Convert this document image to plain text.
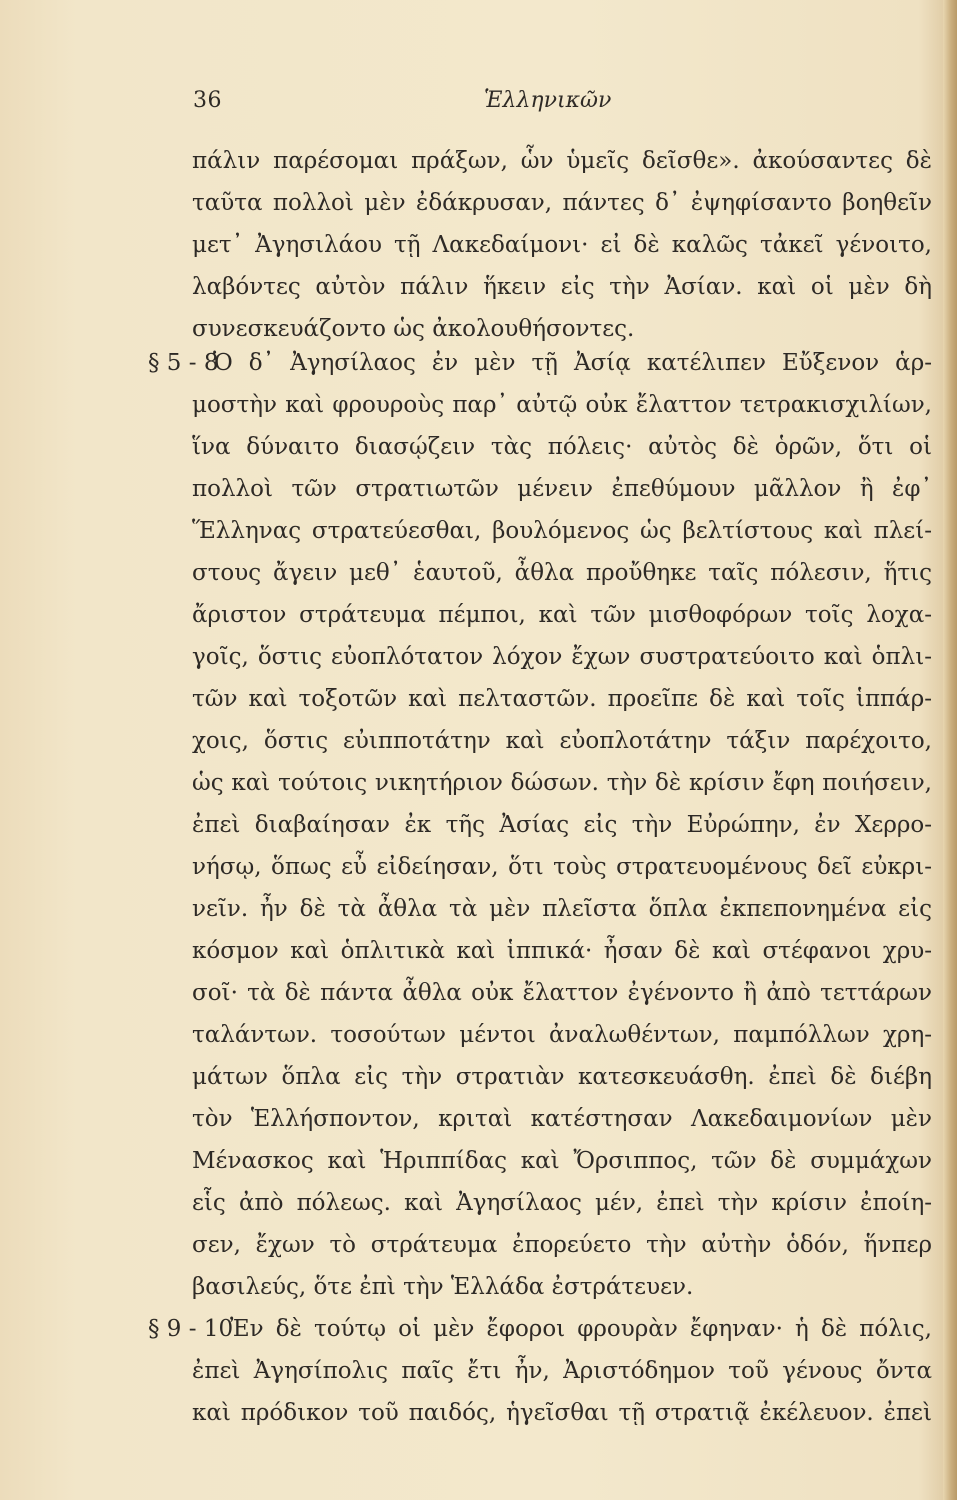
36	Ἑλληνικῶν
§ 5 - 8
§ 9 - 10
πάλιν παρέσομαι πράξων, ὧν ὑμεῖς δεῖσθε». ἀκούσαντες δὲ
ταῦτα πολλοὶ μὲν ἐδάκρυσαν, πάντες δ᾽ ἐψηφίσαντο βοηθεῖν
μετ᾽ Ἀγησιλάου τῇ Λακεδαίμονι· εἰ δὲ καλῶς τἀκεῖ γένοιτο,
λαβόντες αὐτὸν πάλιν ἥκειν εἰς τὴν Ἀσίαν. καὶ οἱ μὲν δὴ
συνεσκευάζοντο ὡς ἀκολουθήσοντες.
Ὁ δ᾽ Ἀγησίλαος ἐν μὲν τῇ Ἀσίᾳ κατέλιπεν Εὔξενον ἁρ-
μοστὴν καὶ φρουροὺς παρ᾽ αὐτῷ οὐκ ἔλαττον τετρακισχιλίων,
ἵνα δύναιτο διασῴζειν τὰς πόλεις· αὐτὸς δὲ ὁρῶν, ὅτι οἱ
πολλοὶ τῶν στρατιωτῶν μένειν ἐπεθύμουν μᾶλλον ἢ ἐφ᾽
Ἕλληνας στρατεύεσθαι, βουλόμενος ὡς βελτίστους καὶ πλεί-
στους ἄγειν μεθ᾽ ἑαυτοῦ, ἆθλα προὔθηκε ταῖς πόλεσιν, ἥτις
ἄριστον στράτευμα πέμποι, καὶ τῶν μισθοφόρων τοῖς λοχα-
γοῖς, ὅστις εὐοπλότατον λόχον ἔχων συστρατεύοιτο καὶ ὁπλι-
τῶν καὶ τοξοτῶν καὶ πελταστῶν. προεῖπε δὲ καὶ τοῖς ἱππάρ-
χοις, ὅστις εὐιπποτάτην καὶ εὐοπλοτάτην τάξιν παρέχοιτο,
ὡς καὶ τούτοις νικητήριον δώσων. τὴν δὲ κρίσιν ἔφη ποιήσειν,
ἐπεὶ διαβαίησαν ἐκ τῆς Ἀσίας εἰς τὴν Εὐρώπην, ἐν Χερρο-
νήσῳ, ὅπως εὖ εἰδείησαν, ὅτι τοὺς στρατευομένους δεῖ εὐκρι-
νεῖν. ἦν δὲ τὰ ἆθλα τὰ μὲν πλεῖστα ὅπλα ἐκπεπονημένα εἰς
κόσμον καὶ ὁπλιτικὰ καὶ ἱππικά· ἦσαν δὲ καὶ στέφανοι χρυ-
σοῖ· τὰ δὲ πάντα ἆθλα οὐκ ἔλαττον ἐγένοντο ἢ ἀπὸ τεττάρων
ταλάντων. τοσούτων μέντοι ἀναλωθέντων, παμπόλλων χρη-
μάτων ὅπλα εἰς τὴν στρατιὰν κατεσκευάσθη. ἐπεὶ δὲ διέβη
τὸν Ἑλλήσποντον, κριταὶ κατέστησαν Λακεδαιμονίων μὲν
Μένασκος καὶ Ἡριππίδας καὶ Ὄρσιππος, τῶν δὲ συμμάχων
εἷς ἀπὸ πόλεως. καὶ Ἀγησίλαος μέν, ἐπεὶ τὴν κρίσιν ἐποίη-
σεν, ἔχων τὸ στράτευμα ἐπορεύετο τὴν αὐτὴν ὁδόν, ἥνπερ
βασιλεύς, ὅτε ἐπὶ τὴν Ἑλλάδα ἐστράτευεν.
Ἐν δὲ τούτῳ οἱ μὲν ἔφοροι φρουρὰν ἔφηναν· ἡ δὲ πόλις,
ἐπεὶ Ἀγησίπολις παῖς ἔτι ἦν, Ἀριστόδημον τοῦ γένους ὄντα
καὶ πρόδικον τοῦ παιδός, ἡγεῖσθαι τῇ στρατιᾷ ἐκέλευον. ἐπεὶ
